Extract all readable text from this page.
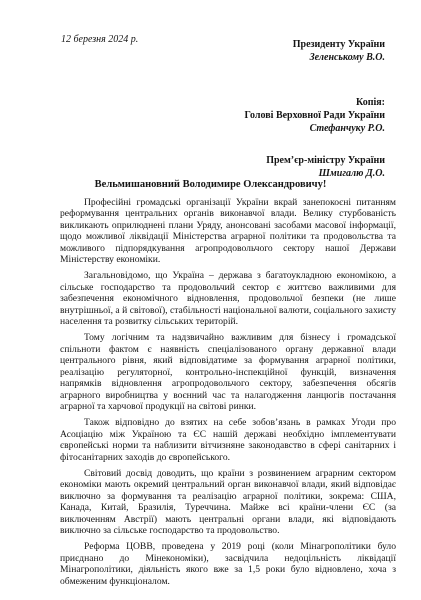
12 березня 2024 р.	Президенту України
Зеленському В.О.
Копія:
Голові Верховної Ради України
Стефанчуку Р.О.
Прем’єр-міністру України
Шмигалю Д.О.
Вельмишановний Володимире Олександровичу!

Професійні громадські організації України вкрай занепокоєні питанням реформування центральних органів виконавчої влади. Велику стурбованість викликають оприлюднені плани Уряду, анонсовані засобами масової інформації, щодо можливої ліквідації Міністерства аграрної політики та продовольства та можливого підпорядкування агропродовольчого сектору нашої Держави Міністерству економіки.

Загальновідомо, що Україна – держава з багатоукладною економікою, а сільське господарство та продовольчий сектор є життєво важливими для забезпечення економічного відновлення, продовольчої безпеки (не лише внутрішньої, а й світової), стабільності національної валюти, соціального захисту населення та розвитку сільських територій.

Тому логічним та надзвичайно важливим для бізнесу і громадської спільноти фактом є наявність спеціалізованого органу державної влади центрального рівня, який відповідатиме за формування аграрної політики, реалізацію регуляторної, контрольно-інспекційної функцій, визначення напрямків відновлення агропродовольчого сектору, забезпечення обсягів аграрного виробництва у воєнний час та налагодження ланцюгів постачання аграрної та харчової продукції на світові ринки.

Також відповідно до взятих на себе зобов’язань в рамках Угоди про Асоціацію між Україною та ЄС нашій державі необхідно імплементувати європейські норми та наблизити вітчизняне законодавство в сфері санітарних і фітосанітарних заходів до європейського.

Світовий досвід доводить, що країни з розвинением аграрним сектором економіки мають окремий центральний орган виконавчої влади, який відповідає виключно за формування та реалізацію аграрної політики, зокрема: США, Канада, Китай, Бразилія, Туреччина. Майже всі країни-члени ЄС (за виключенням Австрії) мають центральні органи влади, які відповідають виключно за сільське господарство та продовольство.

Реформа ЦОВВ, проведена у 2019 році (коли Мінагрополітики було приєднано до Мінекономіки), засвідчила недоцільність ліквідації Мінагрополітики, діяльність якого вже за 1,5 роки було відновлено, хоча з обмеженим функціоналом.
